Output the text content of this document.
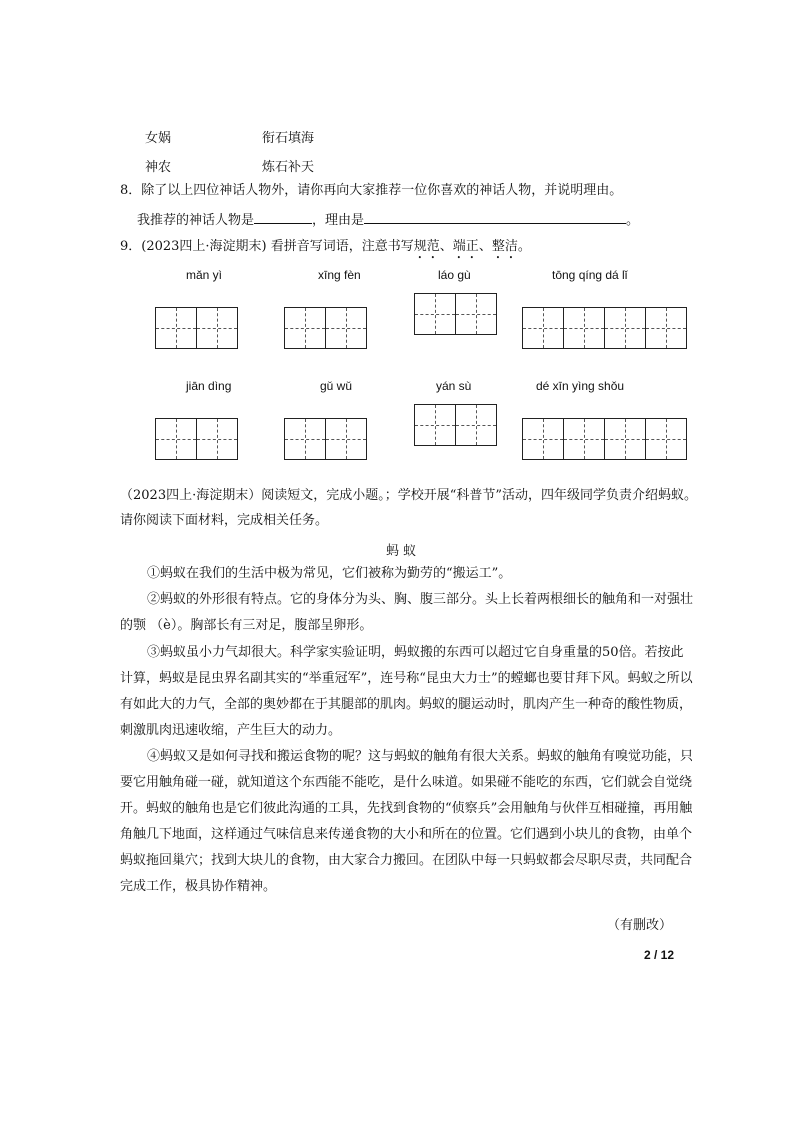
女娲	衔石填海
神农	炼石补天
8．除了以上四位神话人物外，请你再向大家推荐一位你喜欢的神话人物，并说明理由。
我推荐的神话人物是	，理由是	。
9．(2023四上·海淀期末) 看拼音写词语，注意书写规范、端正、整洁。
mǎn yì	xīng fèn	láo gù	tōng qíng dá lǐ
jiān dìng	gǔ wǔ	yán sù	dé xīn yìng shǒu
（2023四上·海淀期末）阅读短文，完成小题。；学校开展“科普节”活动，四年级同学负责介绍蚂蚁。
请你阅读下面材料，完成相关任务。
蚂 蚁
①蚂蚁在我们的生活中极为常见，它们被称为勤劳的“搬运工”。
②蚂蚁的外形很有特点。它的身体分为头、胸、腹三部分。头上长着两根细长的触角和一对强壮
的颚 （è）。胸部长有三对足，腹部呈卵形。
③蚂蚁虽小力气却很大。科学家实验证明，蚂蚁搬的东西可以超过它自身重量的50倍。若按此
计算，蚂蚁是昆虫界名副其实的“举重冠军”，连号称“昆虫大力士”的螳螂也要甘拜下风。蚂蚁之所以
有如此大的力气，全部的奥妙都在于其腿部的肌肉。蚂蚁的腿运动时，肌肉产生一种奇的酸性物质，
刺激肌肉迅速收缩，产生巨大的动力。
④蚂蚁又是如何寻找和搬运食物的呢？这与蚂蚁的触角有很大关系。蚂蚁的触角有嗅觉功能，只
要它用触角碰一碰，就知道这个东西能不能吃，是什么味道。如果碰不能吃的东西，它们就会自觉绕
开。蚂蚁的触角也是它们彼此沟通的工具，先找到食物的“侦察兵”会用触角与伙伴互相碰撞，再用触
角触几下地面，这样通过气味信息来传递食物的大小和所在的位置。它们遇到小块儿的食物，由单个
蚂蚁拖回巢穴；找到大块儿的食物，由大家合力搬回。在团队中每一只蚂蚁都会尽职尽责，共同配合
完成工作，极具协作精神。
（有删改）
2 / 12
